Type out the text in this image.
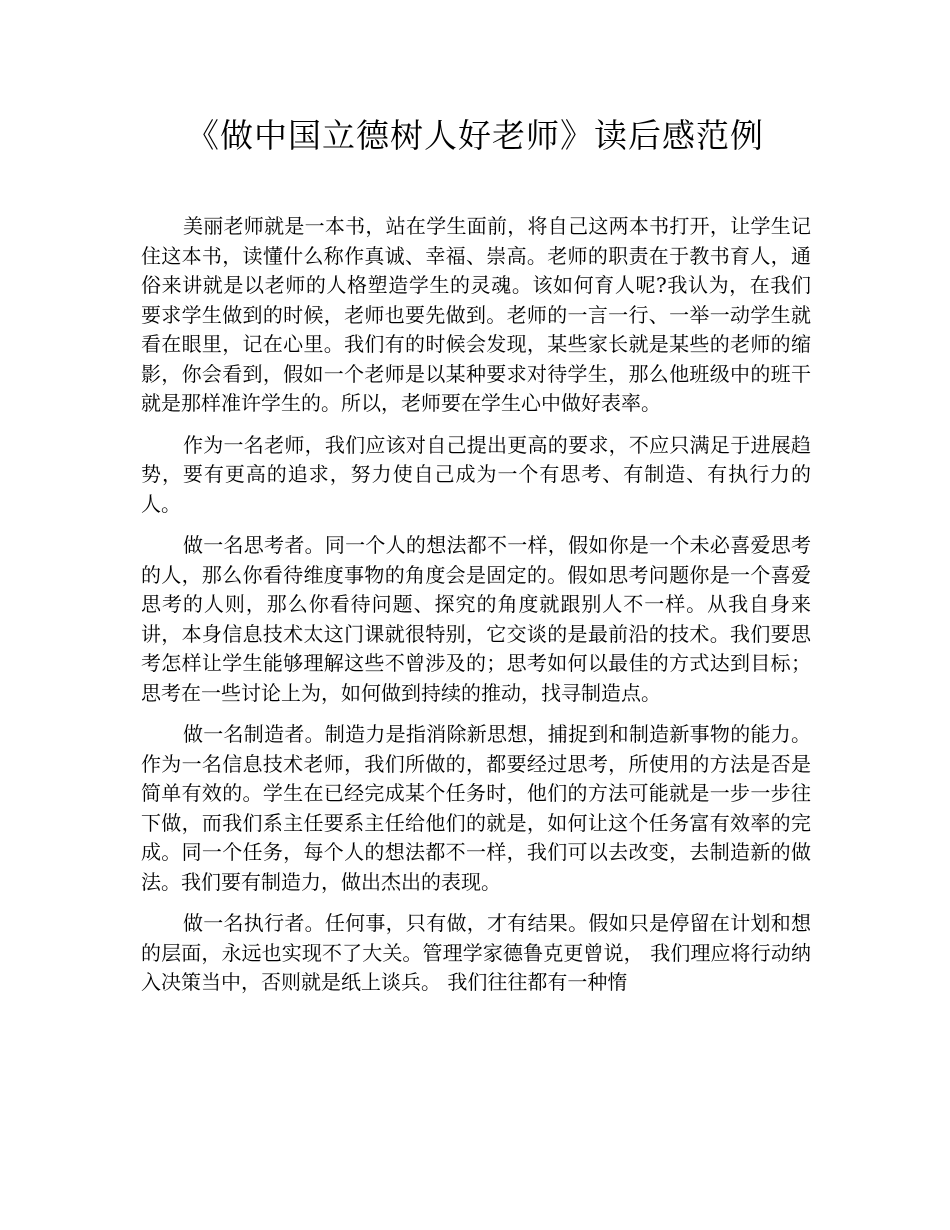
《做中国立德树人好老师》读后感范例

美丽老师就是一本书，站在学生面前，将自己这两本书打开，让学生记住这本书，读懂什么称作真诚、幸福、崇高。老师的职责在于教书育人，通俗来讲就是以老师的人格塑造学生的灵魂。该如何育人呢?我认为，在我们要求学生做到的时候，老师也要先做到。老师的一言一行、一举一动学生就看在眼里，记在心里。我们有的时候会发现，某些家长就是某些的老师的缩影，你会看到，假如一个老师是以某种要求对待学生，那么他班级中的班干就是那样准许学生的。所以，老师要在学生心中做好表率。

作为一名老师，我们应该对自己提出更高的要求，不应只满足于进展趋势，要有更高的追求，努力使自己成为一个有思考、有制造、有执行力的人。

做一名思考者。同一个人的想法都不一样，假如你是一个未必喜爱思考的人，那么你看待维度事物的角度会是固定的。假如思考问题你是一个喜爱思考的人则，那么你看待问题、探究的角度就跟别人不一样。从我自身来讲，本身信息技术太这门课就很特别，它交谈的是最前沿的技术。我们要思考怎样让学生能够理解这些不曾涉及的；思考如何以最佳的方式达到目标；思考在一些讨论上为，如何做到持续的推动，找寻制造点。

做一名制造者。制造力是指消除新思想，捕捉到和制造新事物的能力。作为一名信息技术老师，我们所做的，都要经过思考，所使用的方法是否是简单有效的。学生在已经完成某个任务时，他们的方法可能就是一步一步往下做，而我们系主任要系主任给他们的就是，如何让这个任务富有效率的完成。同一个任务，每个人的想法都不一样，我们可以去改变，去制造新的做法。我们要有制造力，做出杰出的表现。

做一名执行者。任何事，只有做，才有结果。假如只是停留在计划和想的层面，永远也实现不了大关。管理学家德鲁克更曾说， 我们理应将行动纳入决策当中，否则就是纸上谈兵。 我们往往都有一种惰
